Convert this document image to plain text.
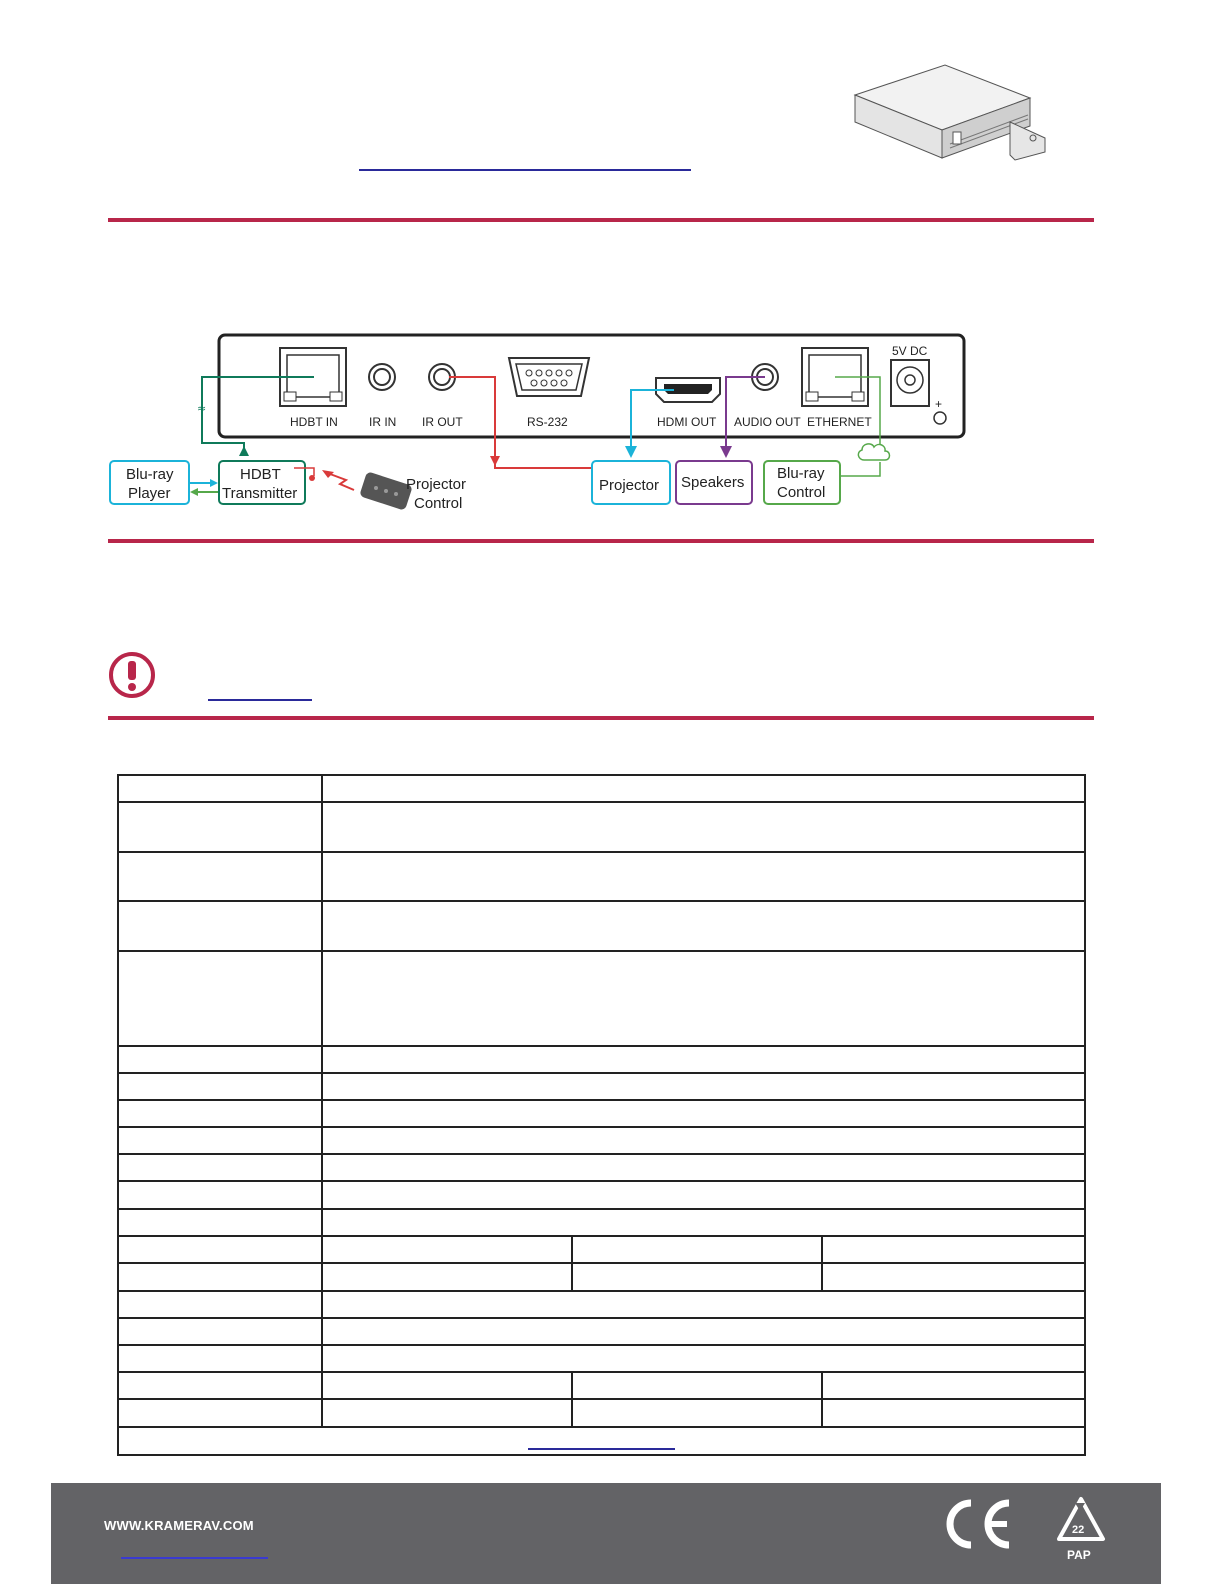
HDBT IN	IR IN IR OUT	RS-232	HDMI OUT AUDIO OUT ETHERNET
5V DC
+
≈
Blu-ray
Player
HDBT
Transmitter
Projector
Control
Projector Speakers
Blu-ray
Control

WWW.KRAMERAV.COM	22
PAP
